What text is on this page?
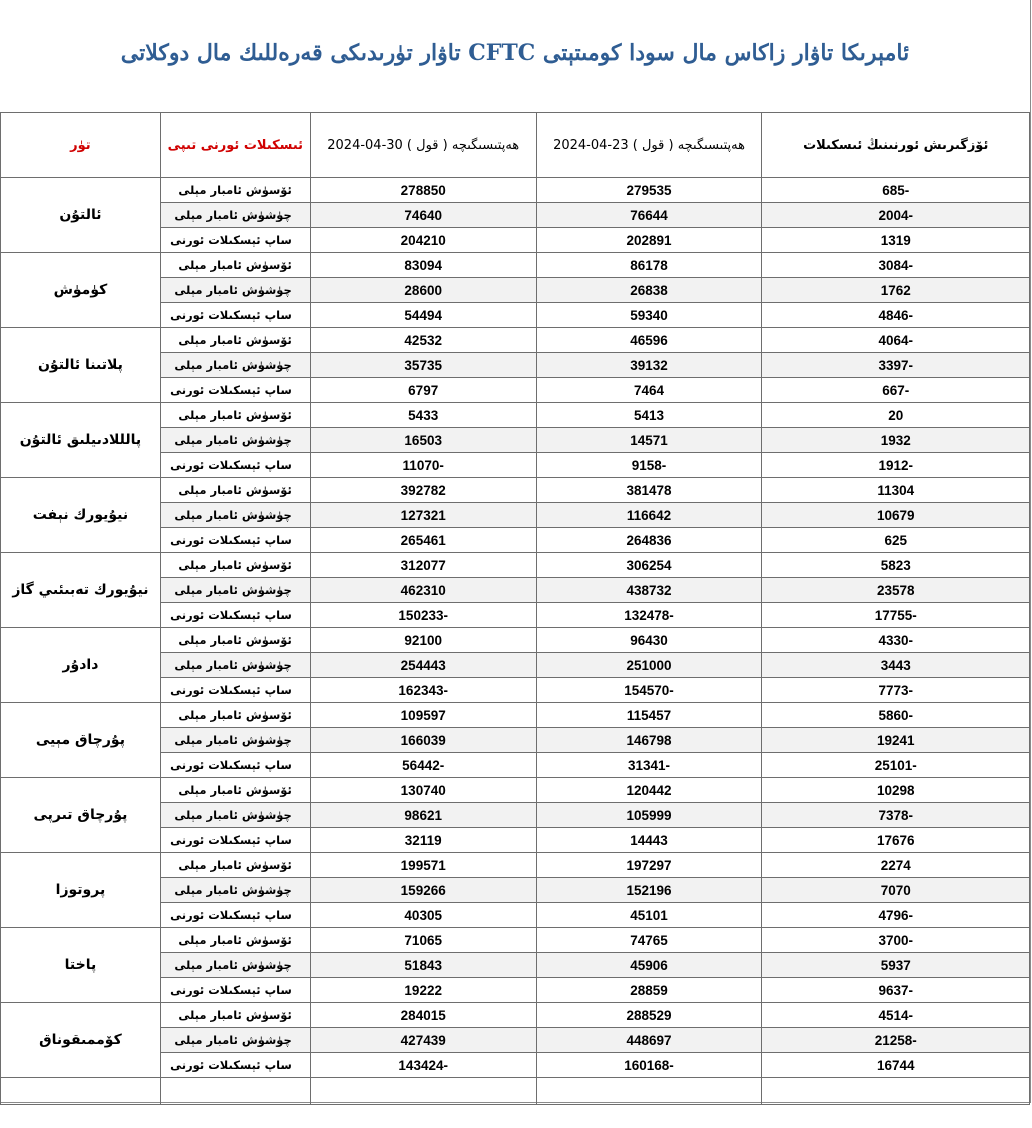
ئامېرىكا تاۋار زاكاس مال سودا كومىتېتى CFTC تاۋار تۈرىدىكى قەرەللىك مال دوكلاتى
تۈر	ئىسكىلات ئورنى تىپى	2024-04-30 ( قول ) ھەپتىسىگىچە	2024-04-23 ( قول ) ھەپتىسىگىچە	ئۆزگىرىش ئورنىنىڭ ئىسكىلات
ئالتۇن	ئۆسۈش ئامبار مېلى	278850	279535	685-
	چۈشۈش ئامبار مېلى	74640	76644	2004-
	ساپ ئېسكىلات ئورنى	204210	202891	1319
كۈمۈش	ئۆسۈش ئامبار مېلى	83094	86178	3084-
	چۈشۈش ئامبار مېلى	28600	26838	1762
	ساپ ئېسكىلات ئورنى	54494	59340	4846-
پلاتىنا ئالتۇن	ئۆسۈش ئامبار مېلى	42532	46596	4064-
	چۈشۈش ئامبار مېلى	35735	39132	3397-
	ساپ ئېسكىلات ئورنى	6797	7464	667-
پالللادىيلىق ئالتۇن	ئۆسۈش ئامبار مېلى	5433	5413	20
	چۈشۈش ئامبار مېلى	16503	14571	1932
	ساپ ئېسكىلات ئورنى	11070-	9158-	1912-
نيۇيورك نېفت	ئۆسۈش ئامبار مېلى	392782	381478	11304
	چۈشۈش ئامبار مېلى	127321	116642	10679
	ساپ ئېسكىلات ئورنى	265461	264836	625
نيۇيورك تەبىئىي گاز	ئۆسۈش ئامبار مېلى	312077	306254	5823
	چۈشۈش ئامبار مېلى	462310	438732	23578
	ساپ ئېسكىلات ئورنى	150233-	132478-	17755-
دادۇر	ئۆسۈش ئامبار مېلى	92100	96430	4330-
	چۈشۈش ئامبار مېلى	254443	251000	3443
	ساپ ئېسكىلات ئورنى	162343-	154570-	7773-
پۇرچاق مېيى	ئۆسۈش ئامبار مېلى	109597	115457	5860-
	چۈشۈش ئامبار مېلى	166039	146798	19241
	ساپ ئېسكىلات ئورنى	56442-	31341-	25101-
پۇرچاق تىرپى	ئۆسۈش ئامبار مېلى	130740	120442	10298
	چۈشۈش ئامبار مېلى	98621	105999	7378-
	ساپ ئېسكىلات ئورنى	32119	14443	17676
پروتوزا	ئۆسۈش ئامبار مېلى	199571	197297	2274
	چۈشۈش ئامبار مېلى	159266	152196	7070
	ساپ ئېسكىلات ئورنى	40305	45101	4796-
پاختا	ئۆسۈش ئامبار مېلى	71065	74765	3700-
	چۈشۈش ئامبار مېلى	51843	45906	5937
	ساپ ئېسكىلات ئورنى	19222	28859	9637-
كۆممىقوناق	ئۆسۈش ئامبار مېلى	284015	288529	4514-
	چۈشۈش ئامبار مېلى	427439	448697	21258-
	ساپ ئېسكىلات ئورنى	143424-	160168-	16744
